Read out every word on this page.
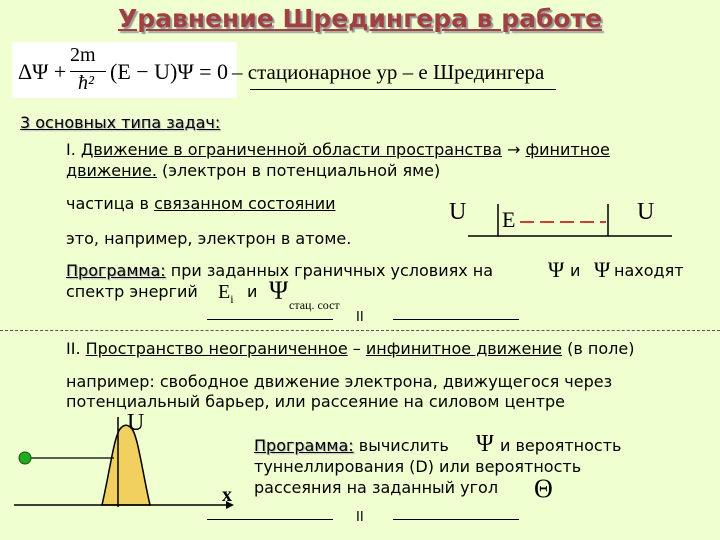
Уравнение Шредингера в работе
ΔΨ +
2m
ħ² (E − U)Ψ = 0 – стационарное ур – е Шредингера
3 основных типа задач:
I. Движение в ограниченной области пространства → финитное
движение. (электрон в потенциальной яме)
частица в связанном состоянии
это, например, электрон в атоме.
U E	U
Программа: при заданных граничных условиях на Ψ и Ψ находят
спектр энергий $E_i$ и Ψ стац. сост
II
II. Пространство неограниченное – инфинитное движение (в поле)
например: свободное движение электрона, движущегося через
потенциальный барьер, или рассеяние на силовом центре
U
x
Программа: вычислить Ψ и вероятность
туннеллирования (D) или вероятность
рассеяния на заданный угол Θ
II
